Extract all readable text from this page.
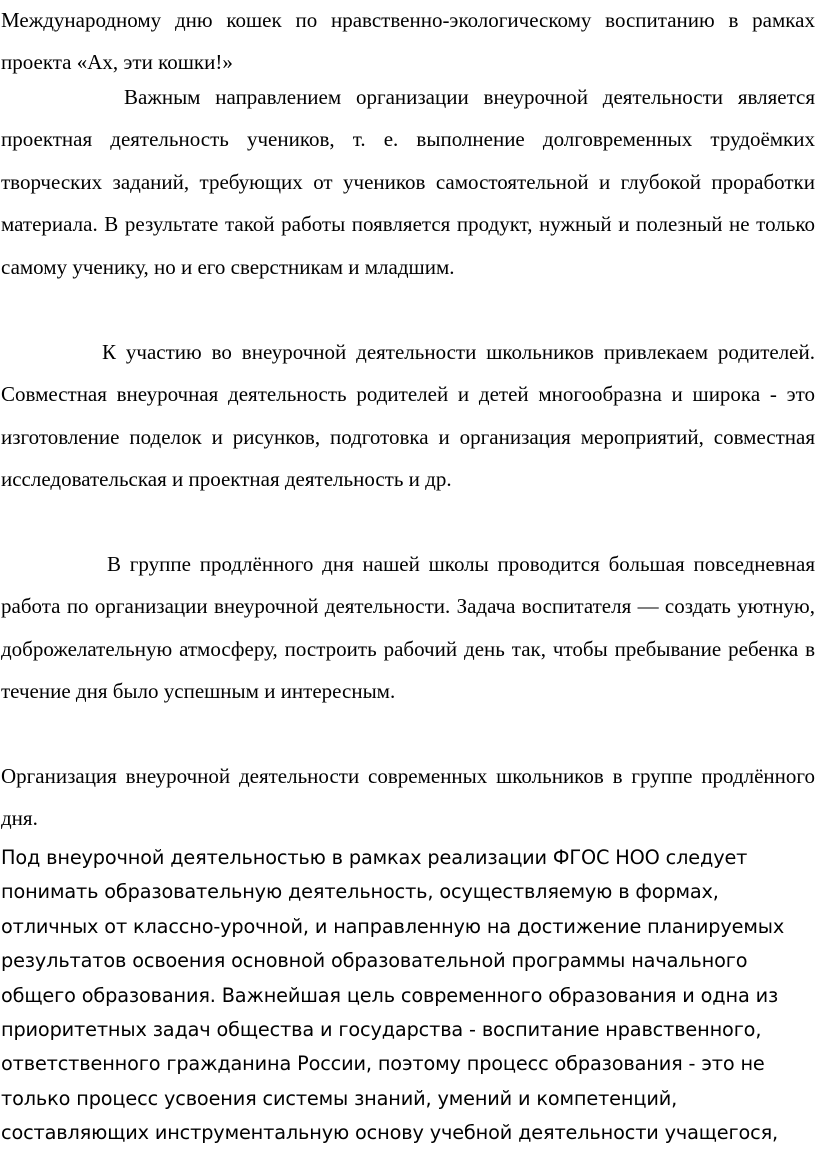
Международному дню кошек по нравственно-экологическому воспитанию в рамках проекта «Ах, эти кошки!»

Важным направлением организации внеурочной деятельности является проектная деятельность учеников, т. е. выполнение долговременных трудоёмких творческих заданий, требующих от учеников самостоятельной и глубокой проработки материала. В результате такой работы появляется продукт, нужный и полезный не только самому ученику, но и его сверстникам и младшим.

К участию во внеурочной деятельности школьников привлекаем родителей. Совместная внеурочная деятельность родителей и детей многообразна и широка - это изготовление поделок и рисунков, подготовка и организация мероприятий, совместная исследовательская и проектная деятельность и др.

В группе продлённого дня нашей школы проводится большая повседневная работа по организации внеурочной деятельности. Задача воспитателя — создать уютную, доброжелательную атмосферу, построить рабочий день так, чтобы пребывание ребенка в течение дня было успешным и интересным.

Организация внеурочной деятельности современных школьников в группе продлённого дня.

Под внеурочной деятельностью в рамках реализации ФГОС НОО следует понимать образовательную деятельность, осуществляемую в формах, отличных от классно-урочной, и направленную на достижение планируемых результатов освоения основной образовательной программы начального общего образования. Важнейшая цель современного образования и одна из приоритетных задач общества и государства - воспитание нравственного, ответственного гражданина России, поэтому процесс образования - это не только процесс усвоения системы знаний, умений и компетенций, составляющих инструментальную основу учебной деятельности учащегося,
